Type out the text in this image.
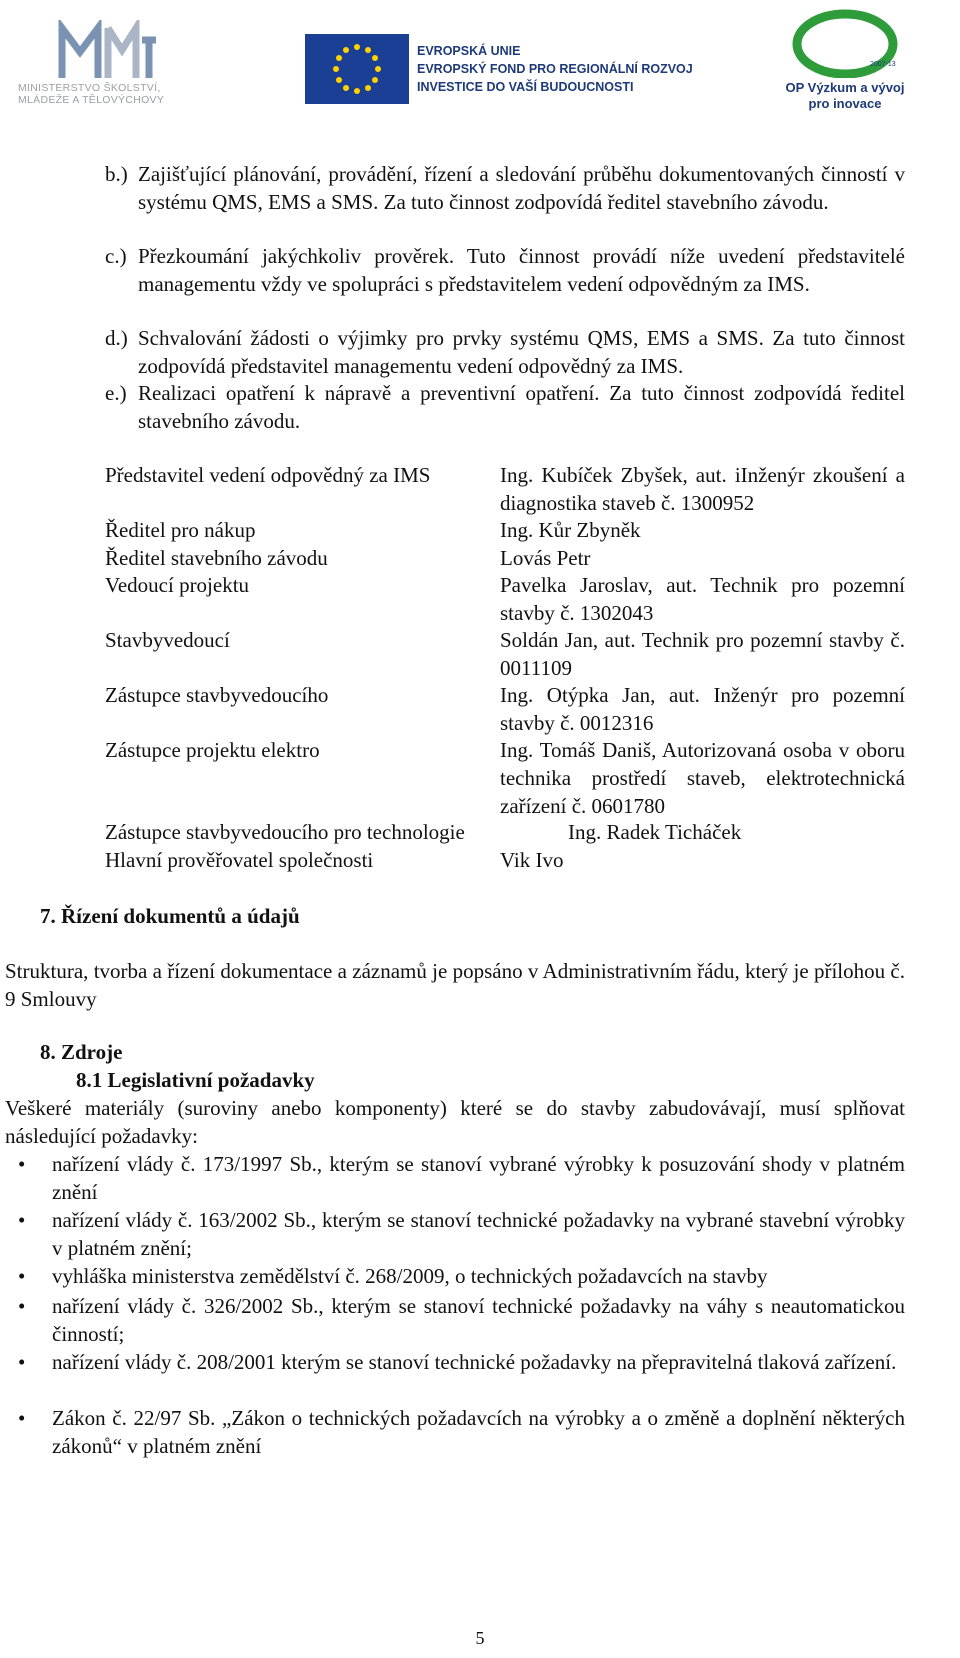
MINISTERSTVO ŠKOLSTVÍ, MLÁDEŽE A TĚLOVÝCHOVY
EVROPSKÁ UNIE
EVROPSKÝ FOND PRO REGIONÁLNÍ ROZVOJ
INVESTICE DO VAŠÍ BUDOUCNOSTI
2007-13
OP Výzkum a vývoj
pro inovace
b.) Zajišťující plánování, provádění, řízení a sledování průběhu dokumentovaných činností v systému QMS, EMS a SMS. Za tuto činnost zodpovídá ředitel stavebního závodu.
c.) Přezkoumání jakýchkoliv prověrek. Tuto činnost provádí níže uvedení představitelé managementu vždy ve spolupráci s představitelem vedení odpovědným za IMS.
d.) Schvalování žádosti o výjimky pro prvky systému QMS, EMS a SMS. Za tuto činnost zodpovídá představitel managementu vedení odpovědný za IMS.
e.) Realizaci opatření k nápravě a preventivní opatření. Za tuto činnost zodpovídá ředitel stavebního závodu.
Představitel vedení odpovědný za IMS	Ing. Kubíček Zbyšek, aut. iInženýr zkoušení a diagnostika staveb č. 1300952
Ředitel pro nákup	Ing. Kůr Zbyněk
Ředitel stavebního závodu	Lovás Petr
Vedoucí projektu	Pavelka Jaroslav, aut. Technik pro pozemní stavby č. 1302043
Stavbyvedoucí	Soldán Jan, aut. Technik pro pozemní stavby č. 0011109
Zástupce stavbyvedoucího	Ing. Otýpka Jan, aut. Inženýr pro pozemní stavby č. 0012316
Zástupce projektu elektro	Ing. Tomáš Daniš, Autorizovaná osoba v oboru technika prostředí staveb, elektrotechnická zařízení č. 0601780
Zástupce stavbyvedoucího pro technologie	Ing. Radek Ticháček
Hlavní prověřovatel společnosti	Vik Ivo
7. Řízení dokumentů a údajů
Struktura, tvorba a řízení dokumentace a záznamů je popsáno v Administrativním řádu, který je přílohou č. 9 Smlouvy
8. Zdroje
8.1 Legislativní požadavky
Veškeré materiály (suroviny anebo komponenty) které se do stavby zabudovávají, musí splňovat následující požadavky:
• nařízení vlády č. 173/1997 Sb., kterým se stanoví vybrané výrobky k posuzování shody v platném znění
• nařízení vlády č. 163/2002 Sb., kterým se stanoví technické požadavky na vybrané stavební výrobky v platném znění;
• vyhláška ministerstva zemědělství č. 268/2009, o technických požadavcích na stavby
• nařízení vlády č. 326/2002 Sb., kterým se stanoví technické požadavky na váhy s neautomatickou činností;
• nařízení vlády č. 208/2001 kterým se stanoví technické požadavky na přepravitelná tlaková zařízení.
• Zákon č. 22/97 Sb. „Zákon o technických požadavcích na výrobky a o změně a doplnění některých zákonů“ v platném znění
5
